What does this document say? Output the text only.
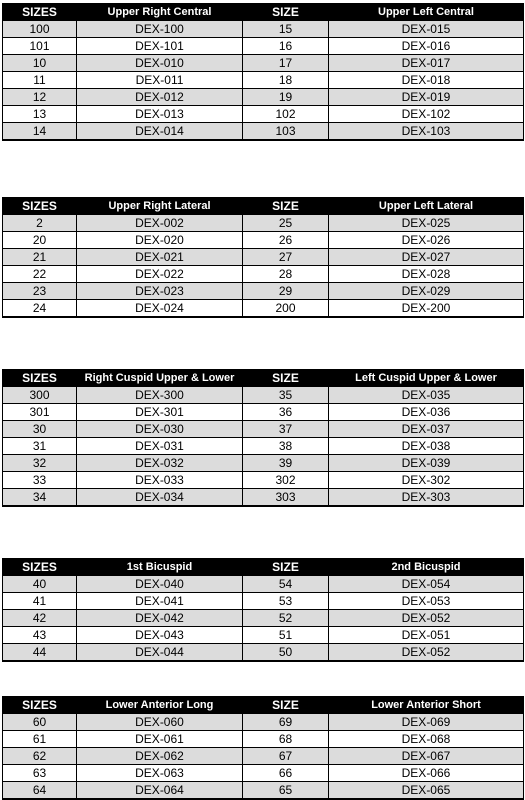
SIZES	Upper Right Central	SIZE	Upper Left Central
100	DEX-100	15	DEX-015
101	DEX-101	16	DEX-016
10	DEX-010	17	DEX-017
11	DEX-011	18	DEX-018
12	DEX-012	19	DEX-019
13	DEX-013	102	DEX-102
14	DEX-014	103	DEX-103
SIZES	Upper Right Lateral	SIZE	Upper Left Lateral
2	DEX-002	25	DEX-025
20	DEX-020	26	DEX-026
21	DEX-021	27	DEX-027
22	DEX-022	28	DEX-028
23	DEX-023	29	DEX-029
24	DEX-024	200	DEX-200
SIZES	Right Cuspid Upper & Lower	SIZE	Left Cuspid Upper & Lower
300	DEX-300	35	DEX-035
301	DEX-301	36	DEX-036
30	DEX-030	37	DEX-037
31	DEX-031	38	DEX-038
32	DEX-032	39	DEX-039
33	DEX-033	302	DEX-302
34	DEX-034	303	DEX-303
SIZES	1st Bicuspid	SIZE	2nd Bicuspid
40	DEX-040	54	DEX-054
41	DEX-041	53	DEX-053
42	DEX-042	52	DEX-052
43	DEX-043	51	DEX-051
44	DEX-044	50	DEX-052
SIZES	Lower Anterior Long	SIZE	Lower Anterior Short
60	DEX-060	69	DEX-069
61	DEX-061	68	DEX-068
62	DEX-062	67	DEX-067
63	DEX-063	66	DEX-066
64	DEX-064	65	DEX-065
